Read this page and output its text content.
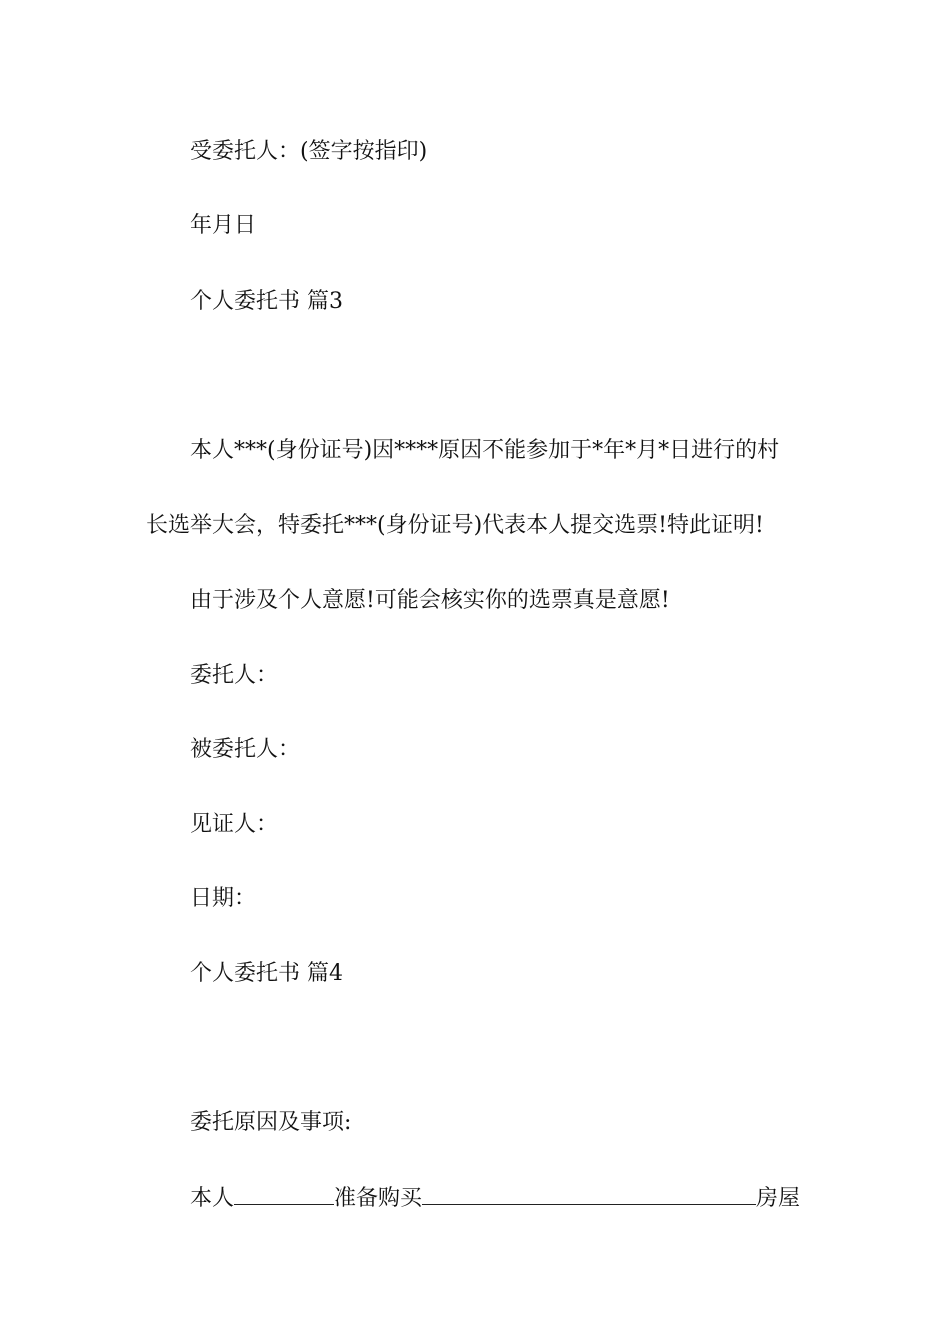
受委托人：(签字按指印)
年月日
个人委托书 篇3
本人***(身份证号)因****原因不能参加于*年*月*日进行的村
长选举大会，特委托***(身份证号)代表本人提交选票!特此证明!
由于涉及个人意愿!可能会核实你的选票真是意愿!
委托人：
被委托人：
见证人：
日期：
个人委托书 篇4
委托原因及事项:
本人	准备购买	房屋
